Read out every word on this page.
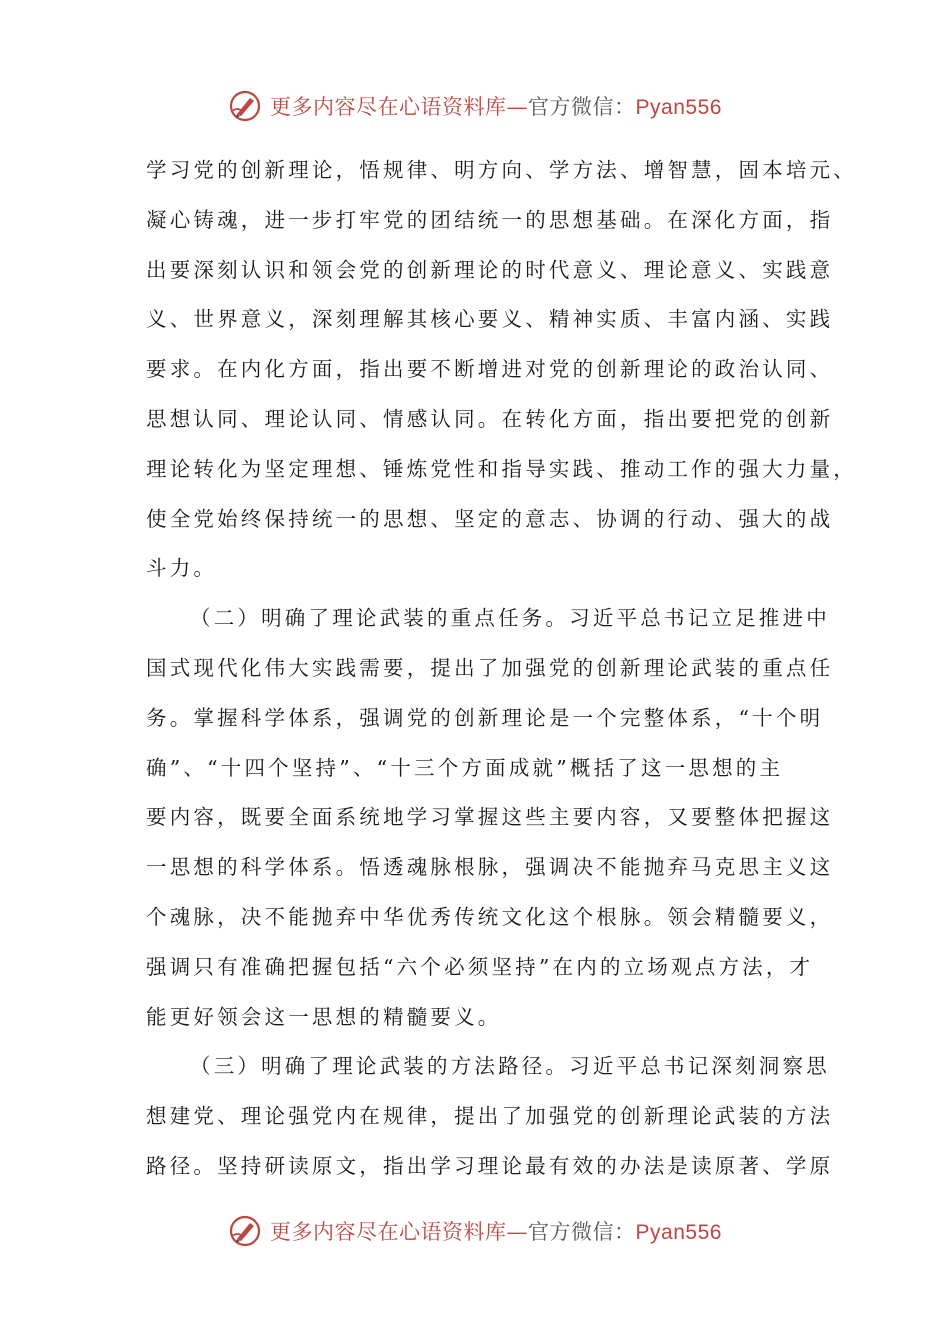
更多内容尽在心语资料库—官方微信：Pyan556
学习党的创新理论，悟规律、明方向、学方法、增智慧，固本培元、
凝心铸魂，进一步打牢党的团结统一的思想基础。在深化方面，指
出要深刻认识和领会党的创新理论的时代意义、理论意义、实践意
义、世界意义，深刻理解其核心要义、精神实质、丰富内涵、实践
要求。在内化方面，指出要不断增进对党的创新理论的政治认同、
思想认同、理论认同、情感认同。在转化方面，指出要把党的创新
理论转化为坚定理想、锤炼党性和指导实践、推动工作的强大力量，
使全党始终保持统一的思想、坚定的意志、协调的行动、强大的战
斗力。
（二）明确了理论武装的重点任务。习近平总书记立足推进中
国式现代化伟大实践需要，提出了加强党的创新理论武装的重点任
务。掌握科学体系，强调党的创新理论是一个完整体系，“十个明
确”、“十四个坚持”、“十三个方面成就”概括了这一思想的主
要内容，既要全面系统地学习掌握这些主要内容，又要整体把握这
一思想的科学体系。悟透魂脉根脉，强调决不能抛弃马克思主义这
个魂脉，决不能抛弃中华优秀传统文化这个根脉。领会精髓要义，
强调只有准确把握包括“六个必须坚持”在内的立场观点方法，才
能更好领会这一思想的精髓要义。
（三）明确了理论武装的方法路径。习近平总书记深刻洞察思
想建党、理论强党内在规律，提出了加强党的创新理论武装的方法
路径。坚持研读原文，指出学习理论最有效的办法是读原著、学原
更多内容尽在心语资料库—官方微信：Pyan556
